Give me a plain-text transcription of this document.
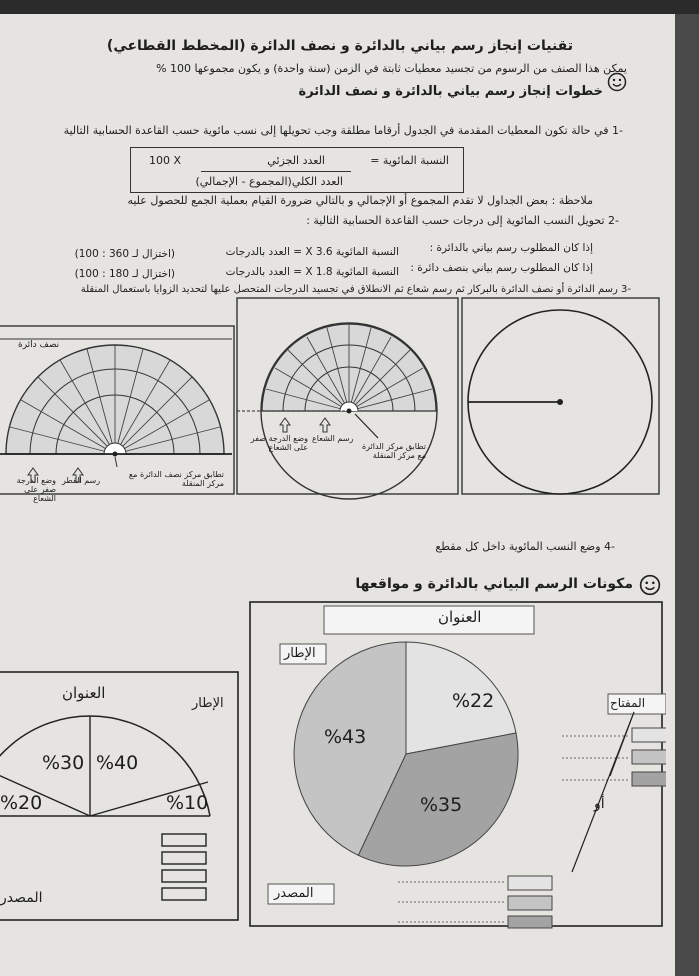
تقنيات إنجاز رسم بياني بالدائرة و نصف الدائرة (المخطط القطاعي)
يمكن هذا الصنف من الرسوم من تجسيد معطيات ثابتة في الزمن (سنة واحدة) و يكون مجموعها 100 %
خطوات إنجاز رسم بياني بالدائرة و نصف الدائرة
-1 في حالة تكون المعطيات المقدمة في الجدول أرقاما مطلقة وجب تحويلها إلى نسب مائوية حسب القاعدة الحسابية التالية
النسبة المائوية =
العدد الجزئي
100 X
العدد الكلي(المجموع - الإجمالي)
ملاحظة : بعض الجداول لا تقدم المجموع أو الإجمالي و بالتالي ضرورة القيام بعملية الجمع للحصول عليه
-2 تحويل النسب المائوية إلى درجات حسب القاعدة الحسابية التالية :
إذا كان المطلوب رسم بياني بالدائرة :
النسبة المائوية X 3.6 = العدد بالدرجات
(اختزال لـ 360 : 100)
إذا كان المطلوب رسم بياني بنصف دائرة :
النسبة المائوية X 1.8 = العدد بالدرجات
(اختزال لـ 180 : 100)
-3 رسم الدائرة أو نصف الدائرة بالبركار ثم رسم شعاع ثم الانطلاق في تجسيد الدرجات المتحصل عليها لتحديد الزوايا باستعمال المنقلة
نصف دائرة
تطابق مركز نصف الدائرة مع مركز المنقلة
رسم القطر
وضع الدرجة صفر على الشعاع
تطابق مركز الدائرة مع مركز المنقلة
رسم الشعاع
وضع الدرجة صفر على الشعاع
-4 وضع النسب المائوية داخل كل مقطع
مكونات الرسم البياني بالدائرة و مواقعها
العنوان
الإطار
%30 %40
%20	%10
المصدر
العنوان
الإطار
المفتاح
أو
المصدر
%22
%43
%35
